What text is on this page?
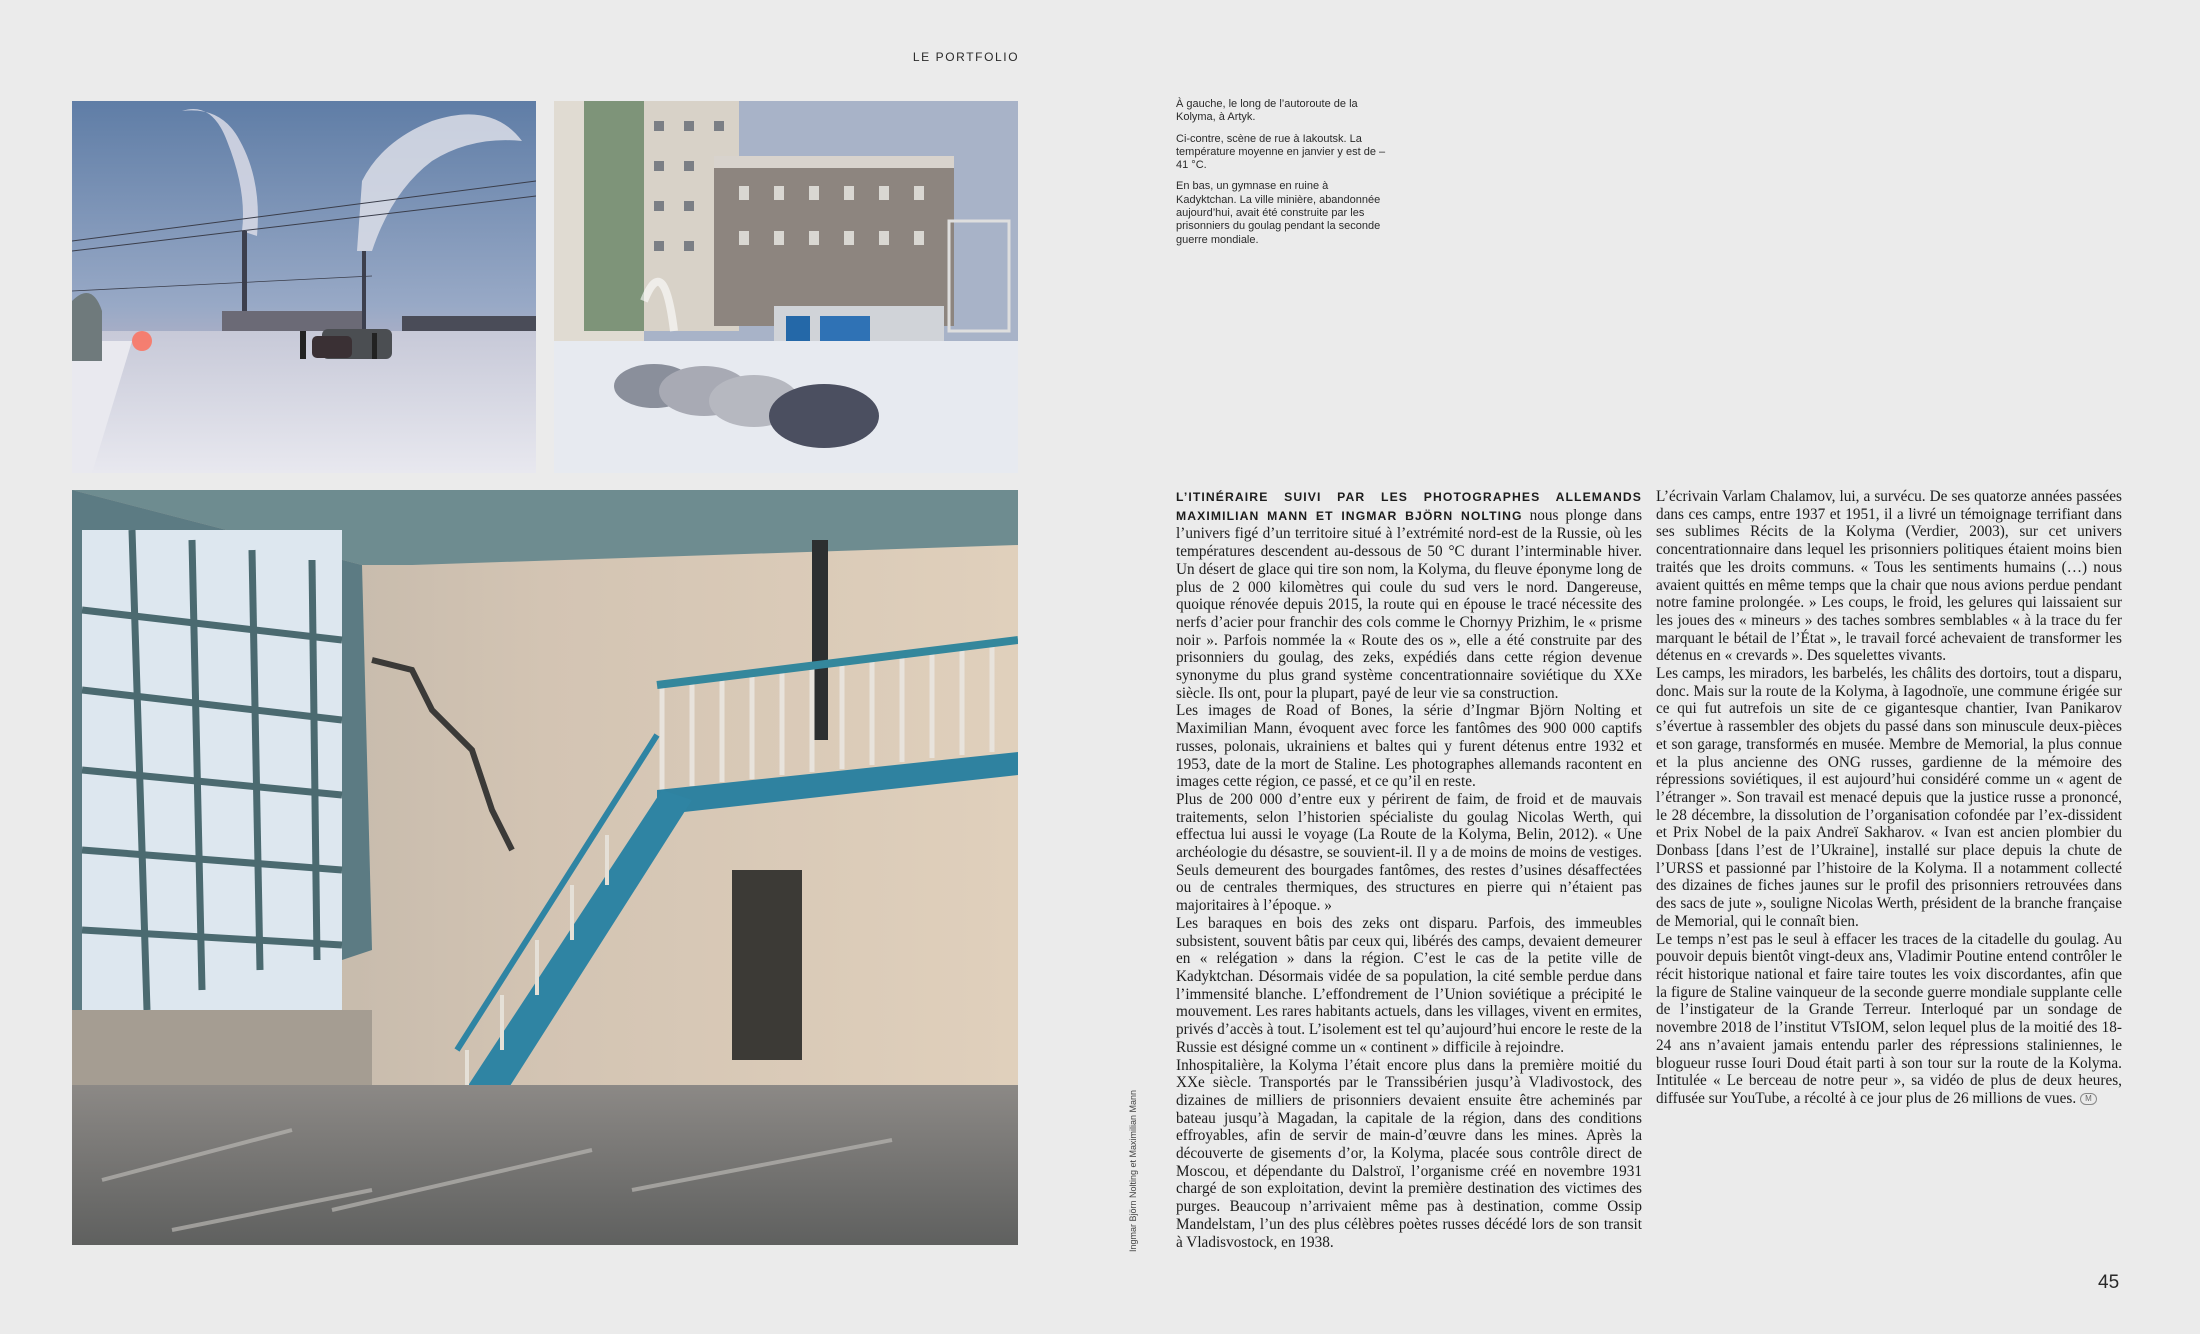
LE PORTFOLIO

À gauche, le long de l’autoroute de la Kolyma, à Artyk.

Ci-contre, scène de rue à Iakoutsk. La température moyenne en janvier y est de – 41 °C.

En bas, un gymnase en ruine à Kadyktchan. La ville minière, abandonnée aujourd’hui, avait été construite par les prisonniers du goulag pendant la seconde guerre mondiale.

Ingmar Björn Nolting et Maximilian Mann

L’ITINÉRAIRE SUIVI PAR LES PHOTOGRAPHES ALLEMANDS MAXIMILIAN MANN ET INGMAR BJÖRN NOLTING nous plonge dans l’univers figé d’un territoire situé à l’extrémité nord-est de la Russie, où les températures descendent au-dessous de 50 °C durant l’interminable hiver. Un désert de glace qui tire son nom, la Kolyma, du fleuve éponyme long de plus de 2 000 kilomètres qui coule du sud vers le nord. Dangereuse, quoique rénovée depuis 2015, la route qui en épouse le tracé nécessite des nerfs d’acier pour franchir des cols comme le Chornyy Prizhim, le « prisme noir ». Parfois nommée la « Route des os », elle a été construite par des prisonniers du goulag, des zeks, expédiés dans cette région devenue synonyme du plus grand système concentrationnaire soviétique du XXe siècle. Ils ont, pour la plupart, payé de leur vie sa construction.

Les images de Road of Bones, la série d’Ingmar Björn Nolting et Maximilian Mann, évoquent avec force les fantômes des 900 000 captifs russes, polonais, ukrainiens et baltes qui y furent détenus entre 1932 et 1953, date de la mort de Staline. Les photographes allemands racontent en images cette région, ce passé, et ce qu’il en reste.

Plus de 200 000 d’entre eux y périrent de faim, de froid et de mauvais traitements, selon l’historien spécialiste du goulag Nicolas Werth, qui effectua lui aussi le voyage (La Route de la Kolyma, Belin, 2012). « Une archéologie du désastre, se souvient-il. Il y a de moins de moins de vestiges. Seuls demeurent des bourgades fantômes, des restes d’usines désaffectées ou de centrales thermiques, des structures en pierre qui n’étaient pas majoritaires à l’époque. »

Les baraques en bois des zeks ont disparu. Parfois, des immeubles subsistent, souvent bâtis par ceux qui, libérés des camps, devaient demeurer en « relégation » dans la région. C’est le cas de la petite ville de Kadyktchan. Désormais vidée de sa population, la cité semble perdue dans l’immensité blanche. L’effondrement de l’Union soviétique a précipité le mouvement. Les rares habitants actuels, dans les villages, vivent en ermites, privés d’accès à tout. L’isolement est tel qu’aujourd’hui encore le reste de la Russie est désigné comme un « continent » difficile à rejoindre.

Inhospitalière, la Kolyma l’était encore plus dans la première moitié du XXe siècle. Transportés par le Transsibérien jusqu’à Vladivostock, des dizaines de milliers de prisonniers devaient ensuite être acheminés par bateau jusqu’à Magadan, la capitale de la région, dans des conditions effroyables, afin de servir de main-d’œuvre dans les mines. Après la découverte de gisements d’or, la Kolyma, placée sous contrôle direct de Moscou, et dépendante du Dalstroï, l’organisme créé en novembre 1931 chargé de son exploitation, devint la première destination des victimes des purges. Beaucoup n’arrivaient même pas à destination, comme Ossip Mandelstam, l’un des plus célèbres poètes russes décédé lors de son transit à Vladisvostock, en 1938.

L’écrivain Varlam Chalamov, lui, a survécu. De ses quatorze années passées dans ces camps, entre 1937 et 1951, il a livré un témoignage terrifiant dans ses sublimes Récits de la Kolyma (Verdier, 2003), sur cet univers concentrationnaire dans lequel les prisonniers politiques étaient moins bien traités que les droits communs. « Tous les sentiments humains (…) nous avaient quittés en même temps que la chair que nous avions perdue pendant notre famine prolongée. » Les coups, le froid, les gelures qui laissaient sur les joues des « mineurs » des taches sombres semblables « à la trace du fer marquant le bétail de l’État », le travail forcé achevaient de transformer les détenus en « crevards ». Des squelettes vivants.

Les camps, les miradors, les barbelés, les châlits des dortoirs, tout a disparu, donc. Mais sur la route de la Kolyma, à Iagodnoïe, une commune érigée sur ce qui fut autrefois un site de ce gigantesque chantier, Ivan Panikarov s’évertue à rassembler des objets du passé dans son minuscule deux-pièces et son garage, transformés en musée. Membre de Memorial, la plus connue et la plus ancienne des ONG russes, gardienne de la mémoire des répressions soviétiques, il est aujourd’hui considéré comme un « agent de l’étranger ». Son travail est menacé depuis que la justice russe a prononcé, le 28 décembre, la dissolution de l’organisation cofondée par l’ex-dissident et Prix Nobel de la paix Andreï Sakharov. « Ivan est ancien plombier du Donbass [dans l’est de l’Ukraine], installé sur place depuis la chute de l’URSS et passionné par l’histoire de la Kolyma. Il a notamment collecté des dizaines de fiches jaunes sur le profil des prisonniers retrouvées dans des sacs de jute », souligne Nicolas Werth, président de la branche française de Memorial, qui le connaît bien.

Le temps n’est pas le seul à effacer les traces de la citadelle du goulag. Au pouvoir depuis bientôt vingt-deux ans, Vladimir Poutine entend contrôler le récit historique national et faire taire toutes les voix discordantes, afin que la figure de Staline vainqueur de la seconde guerre mondiale supplante celle de l’instigateur de la Grande Terreur. Interloqué par un sondage de novembre 2018 de l’institut VTsIOM, selon lequel plus de la moitié des 18-24 ans n’avaient jamais entendu parler des répressions staliniennes, le blogueur russe Iouri Doud était parti à son tour sur la route de la Kolyma. Intitulée « Le berceau de notre peur », sa vidéo de plus de deux heures, diffusée sur YouTube, a récolté à ce jour plus de 26 millions de vues. M

45
